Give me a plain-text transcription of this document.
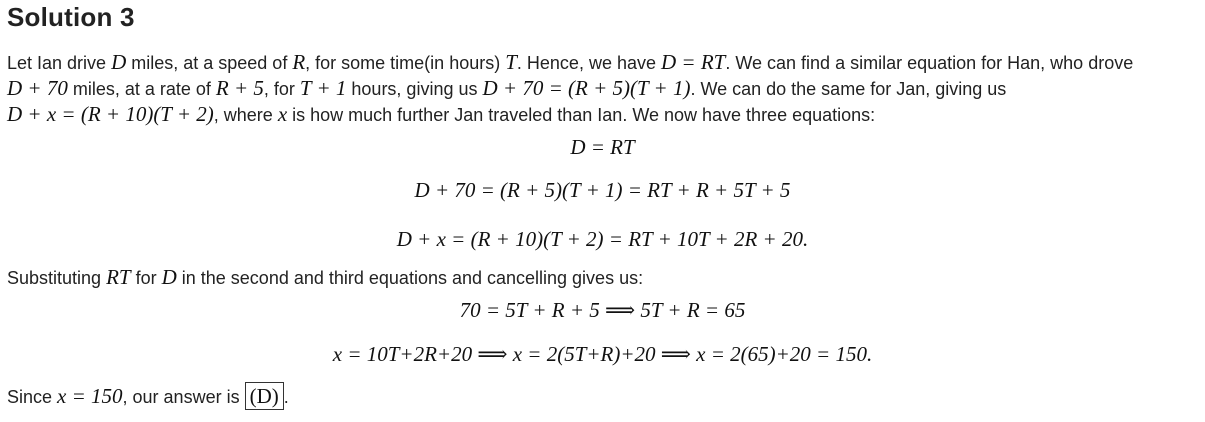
Solution 3
Let Ian drive D miles, at a speed of R, for some time(in hours) T. Hence, we have D = RT. We can find a similar equation for Han, who drove
D + 70 miles, at a rate of R + 5, for T + 1 hours, giving us D + 70 = (R + 5)(T + 1). We can do the same for Jan, giving us
D + x = (R + 10)(T + 2), where x is how much further Jan traveled than Ian. We now have three equations:
D = RT
D + 70 = (R + 5)(T + 1) = RT + R + 5T + 5
D + x = (R + 10)(T + 2) = RT + 10T + 2R + 20.

Substituting RT for D in the second and third equations and cancelling gives us:

70 = 5T + R + 5 ⟹ 5T + R = 65
x = 10T+2R+20 ⟹ x = 2(5T+R)+20 ⟹ x = 2(65)+20 = 150.

Since x = 150, our answer is (D) .
